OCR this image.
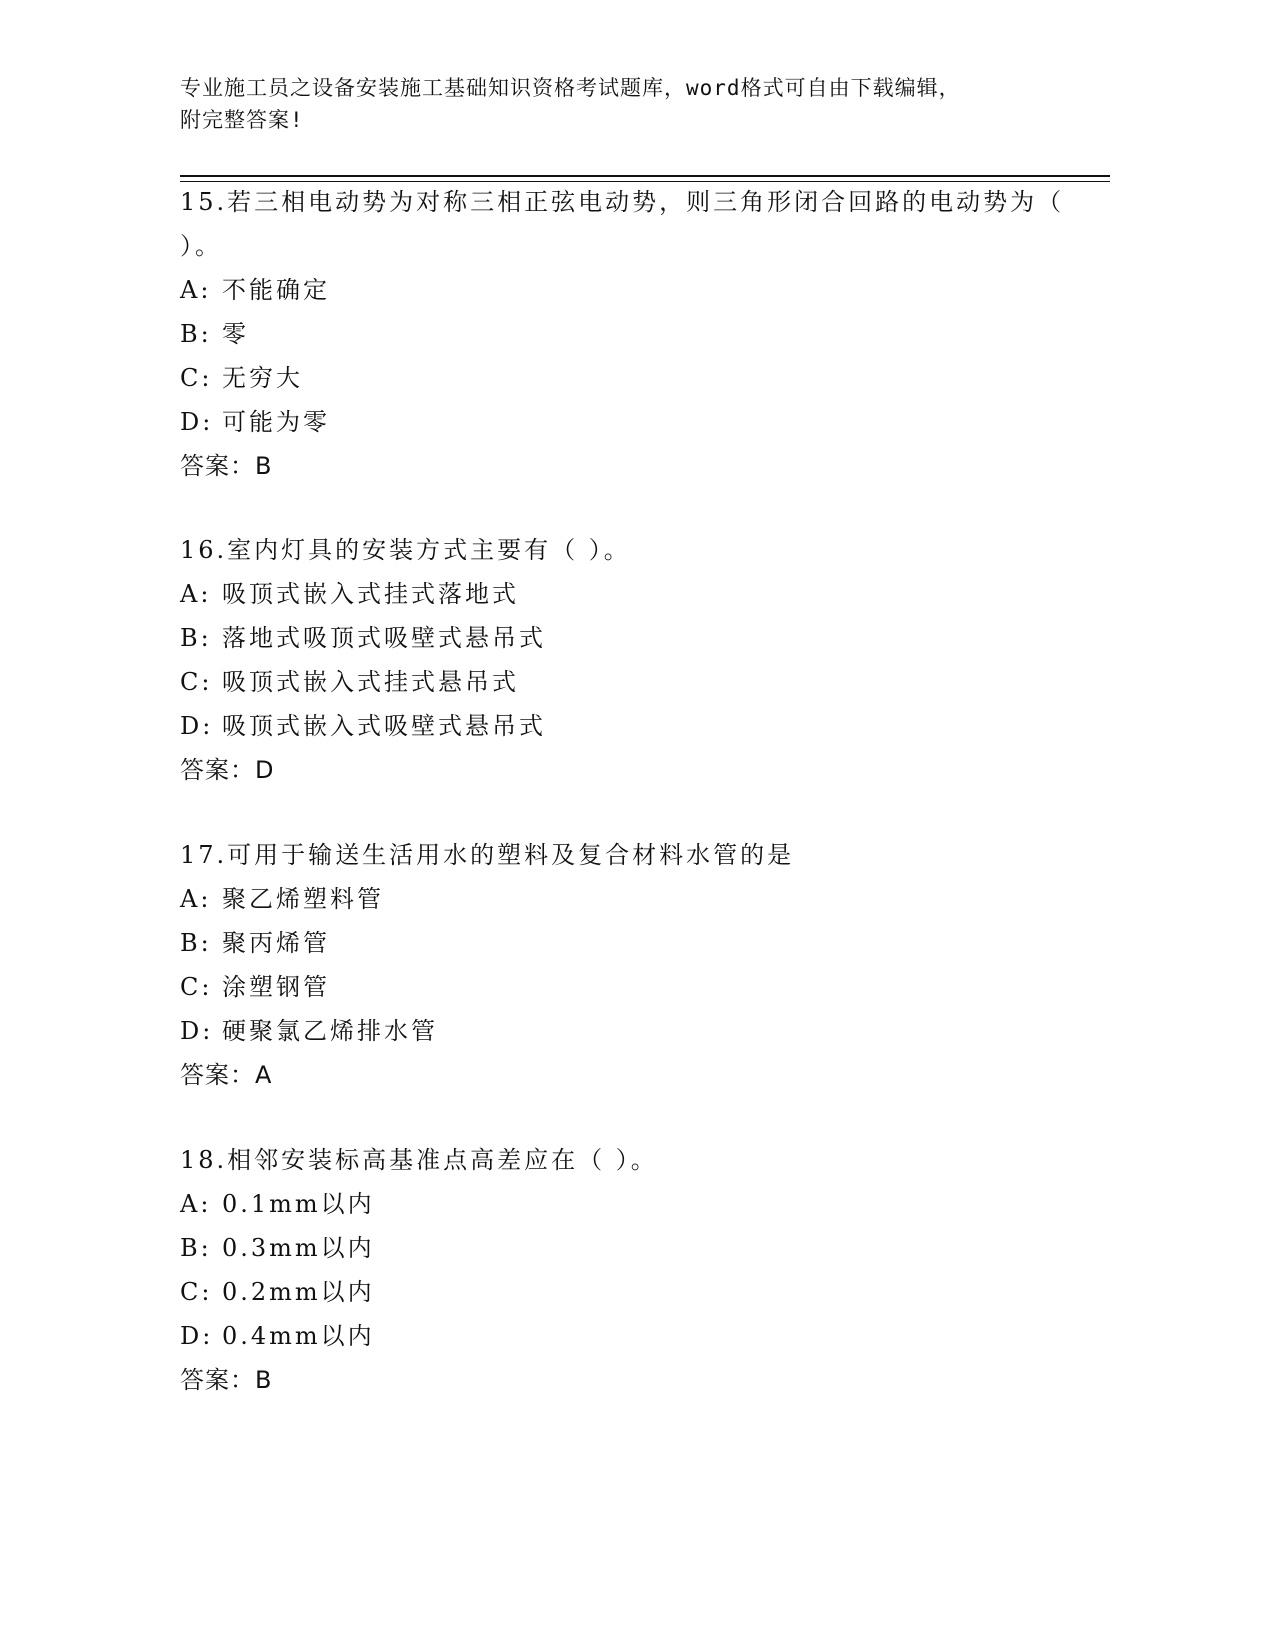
专业施工员之设备安装施工基础知识资格考试题库，word格式可自由下载编辑，

附完整答案!

15.若三相电动势为对称三相正弦电动势，则三角形闭合回路的电动势为（ ）。

A: 不能确定

B: 零

C: 无穷大

D: 可能为零

答案：B

16.室内灯具的安装方式主要有（ ）。

A: 吸顶式嵌入式挂式落地式

B: 落地式吸顶式吸壁式悬吊式

C: 吸顶式嵌入式挂式悬吊式

D: 吸顶式嵌入式吸壁式悬吊式

答案：D

17.可用于输送生活用水的塑料及复合材料水管的是

A: 聚乙烯塑料管

B: 聚丙烯管

C: 涂塑钢管

D: 硬聚氯乙烯排水管

答案：A

18.相邻安装标高基准点高差应在（ ）。

A: 0.1mm以内

B: 0.3mm以内

C: 0.2mm以内

D: 0.4mm以内

答案：B
